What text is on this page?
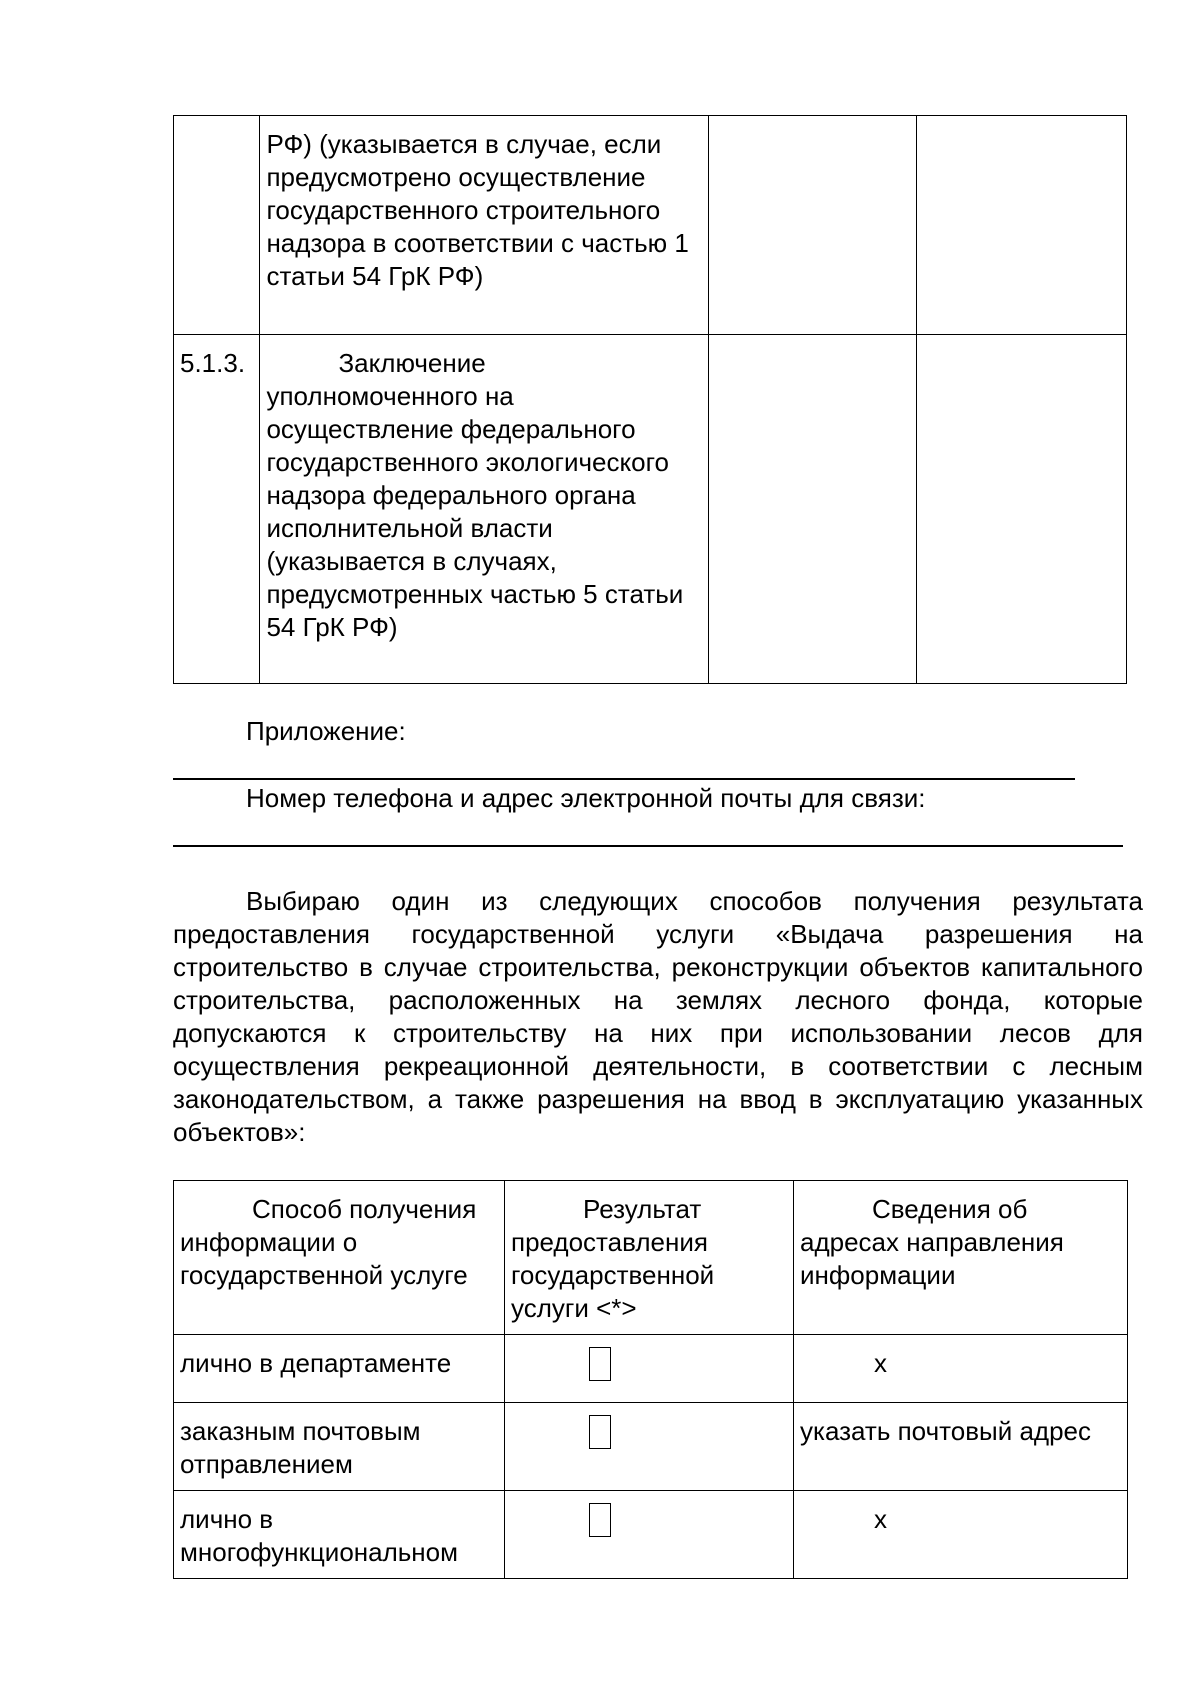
	РФ) (указывается в случае, если предусмотрено осуществление государственного строительного надзора в соответствии с частью 1 статьи 54 ГрК РФ)		
5.1.3.	Заключение уполномоченного на осуществление федерального государственного экологического надзора федерального органа исполнительной власти (указывается в случаях, предусмотренных частью 5 статьи 54 ГрК РФ)		
Приложение:
Номер телефона и адрес электронной почты для связи:

Выбираю один из следующих способов получения результата предоставления государственной услуги «Выдача разрешения на строительство в случае строительства, реконструкции объектов капитального строительства, расположенных на землях лесного фонда, которые допускаются к строительству на них при использовании лесов для осуществления рекреационной деятельности, в соответствии с лесным законодательством, а также разрешения на ввод в эксплуатацию указанных объектов»:

Способ получения информации о государственной услуге	Результат предоставления государственной услуги <*>	Сведения об адресах направления информации
лично в департаменте		х
заказным почтовым отправлением		указать почтовый адрес
лично в многофункциональном		х
